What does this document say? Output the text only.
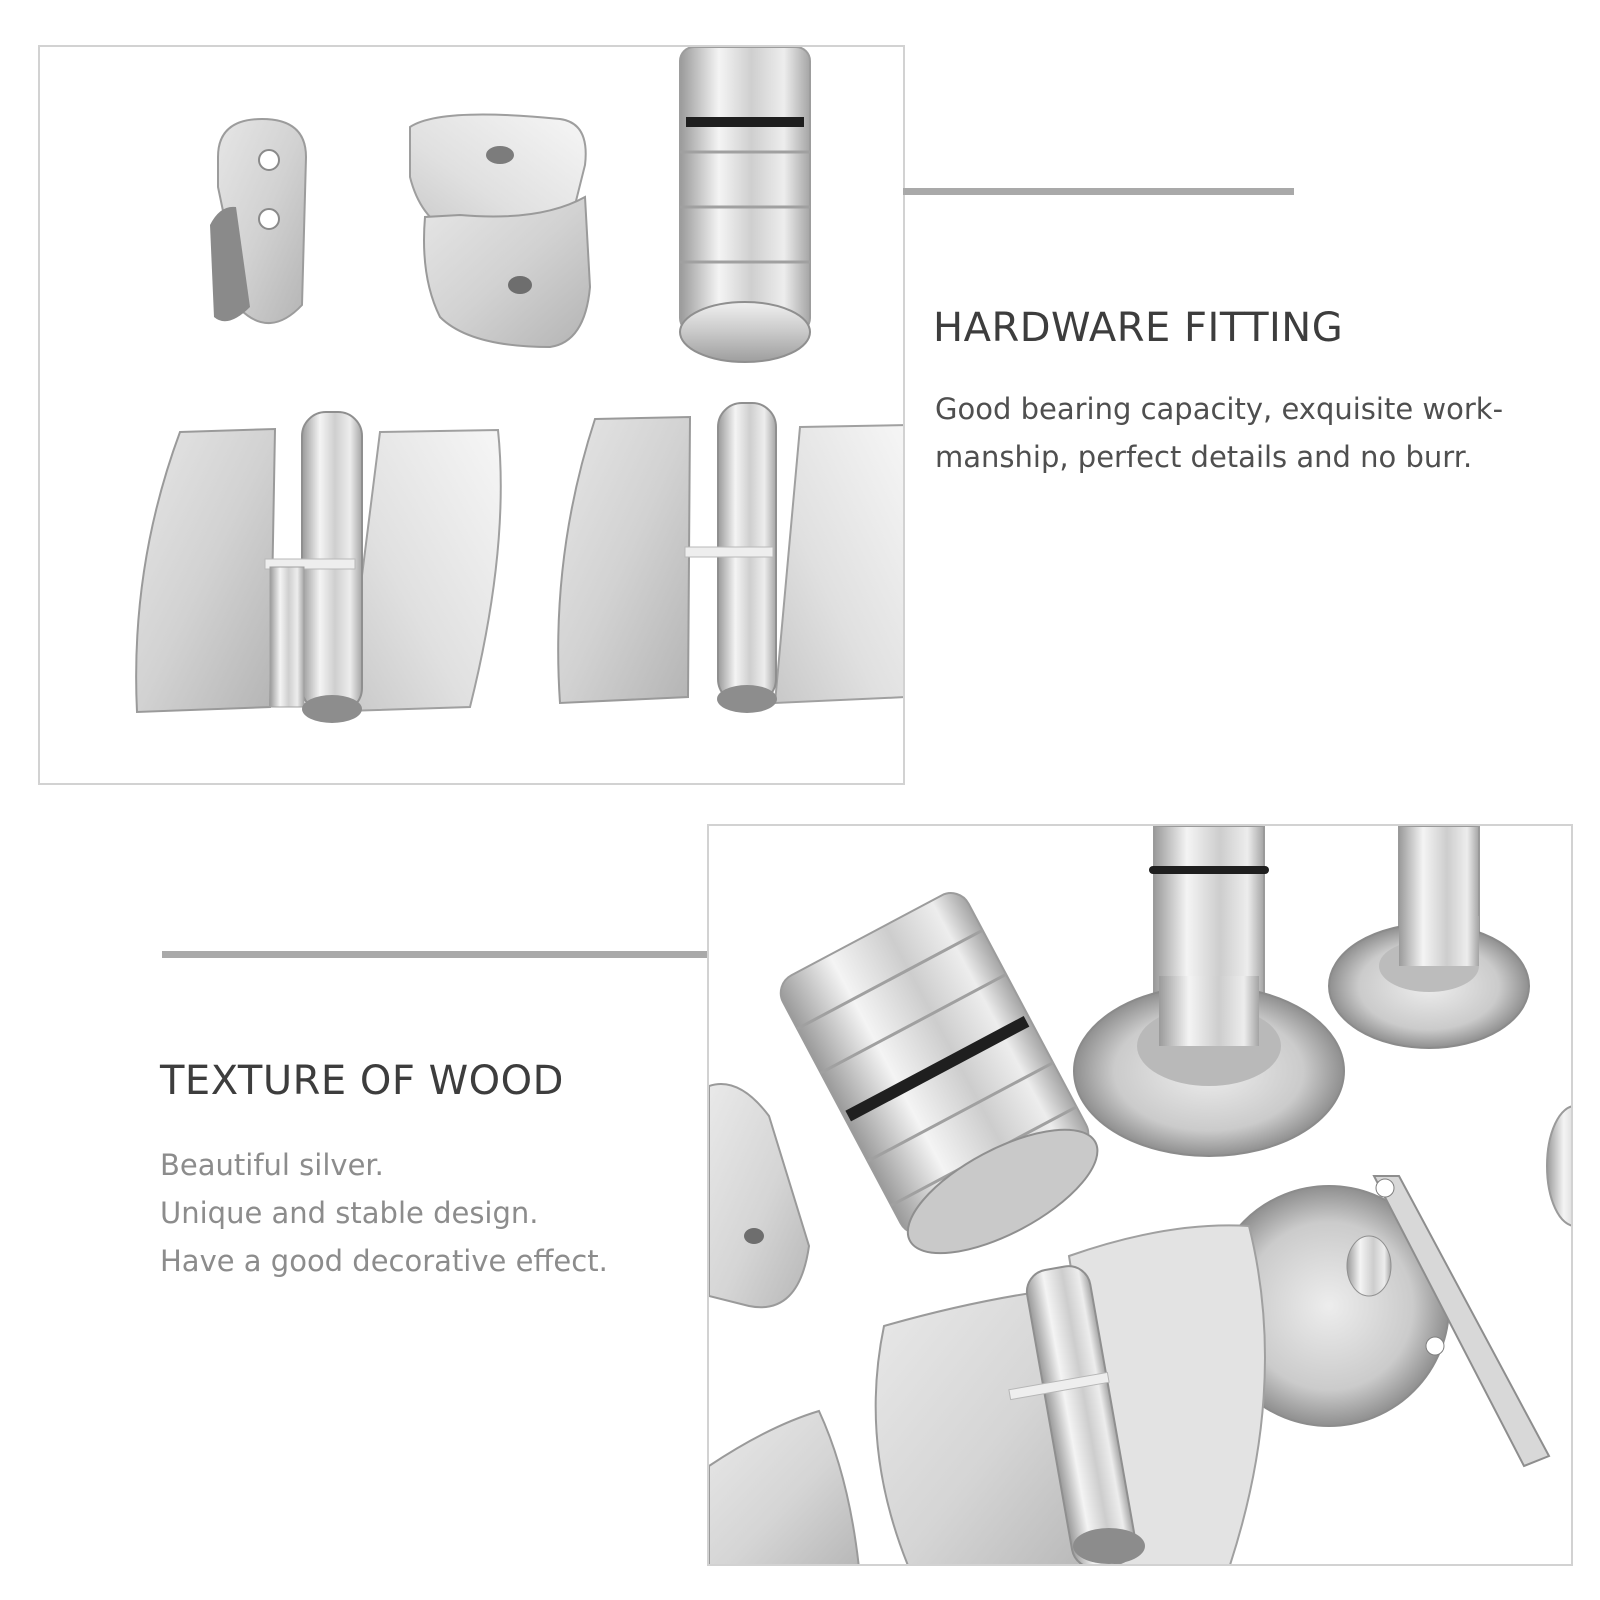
HARDWARE FITTING

Good bearing capacity, exquisite work-
manship, perfect details and no burr.

TEXTURE OF WOOD

Beautiful silver.
Unique and stable design.
Have a good decorative effect.
